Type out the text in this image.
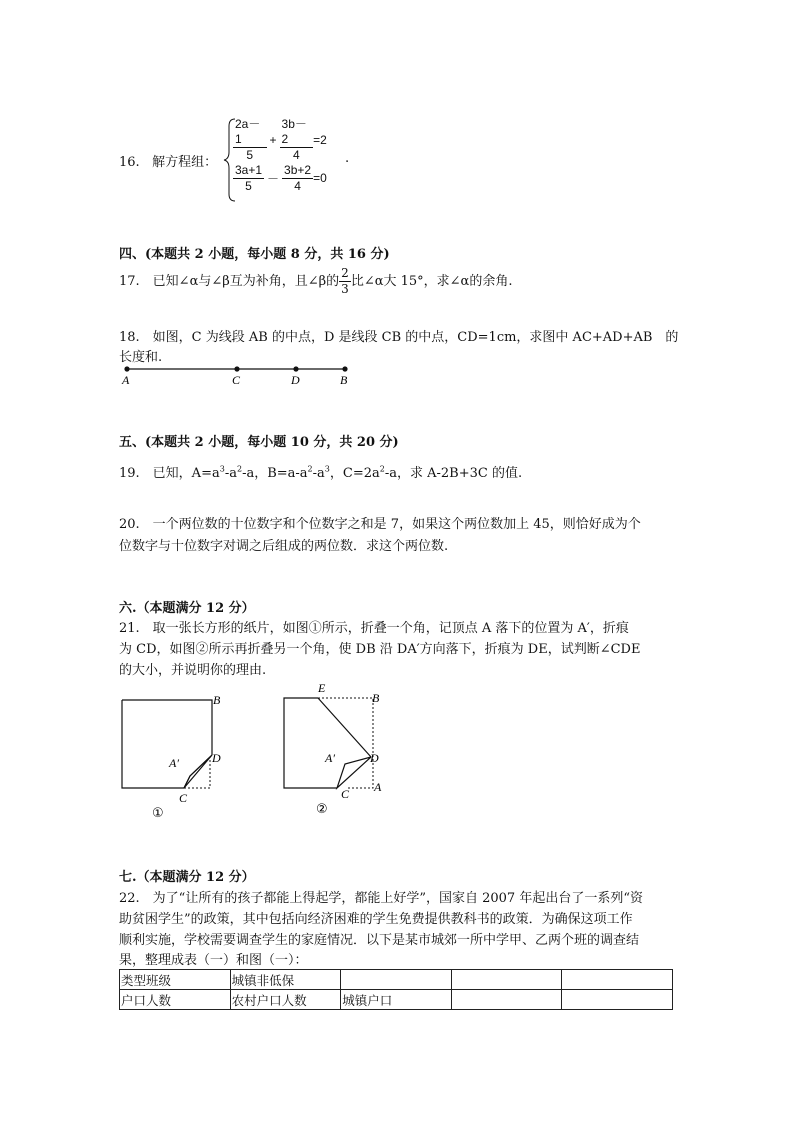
16. 解方程组： $\frac{2a-1}{5} + \frac{3b-2}{4} =2$
$\frac{3a+1}{5} - \frac{3b+2}{4} =0$
.
四、(本题共 2 小题，每小题 8 分，共 16 分)
17.　已知∠α与∠β互为补角，且∠β的 $\frac{2}{3}$ 比∠α大 15°，求∠α的余角.
18.　如图，C 为线段 AB 的中点，D 是线段 CB 的中点，CD=1cm，求图中 AC+AD+AB　的
长度和.
A	C	D	B
五、(本题共 2 小题，每小题 10 分，共 20 分)
19.　已知，$A=a^3-a^2-a$，$B=a-a^2-a^3$，$C=2a^2-a$，求 A-2B+3C 的值.
20.　一个两位数的十位数字和个位数字之和是 7，如果这个两位数加上 45，则恰好成为个
位数字与十位数字对调之后组成的两位数．求这个两位数.
六.（本题满分 12 分）
21.　取一张长方形的纸片，如图①所示，折叠一个角，记顶点 A 落下的位置为 A′，折痕
为 CD，如图②所示再折叠另一个角，使 DB 沿 DA′方向落下，折痕为 DE，试判断∠CDE
的大小，并说明你的理由.
B
A′	D
C
①
E
B
A′	D
C A
②
七.（本题满分 12 分）
22.　为了“让所有的孩子都能上得起学，都能上好学”，国家自 2007 年起出台了一系列“资
助贫困学生”的政策，其中包括向经济困难的学生免费提供教科书的政策．为确保这项工作
顺利实施，学校需要调查学生的家庭情况．以下是某市城郊一所中学甲、乙两个班的调查结
果，整理成表（一）和图（一）：
类型班级	城镇非低保			
户口人数	农村户口人数	城镇户口		
